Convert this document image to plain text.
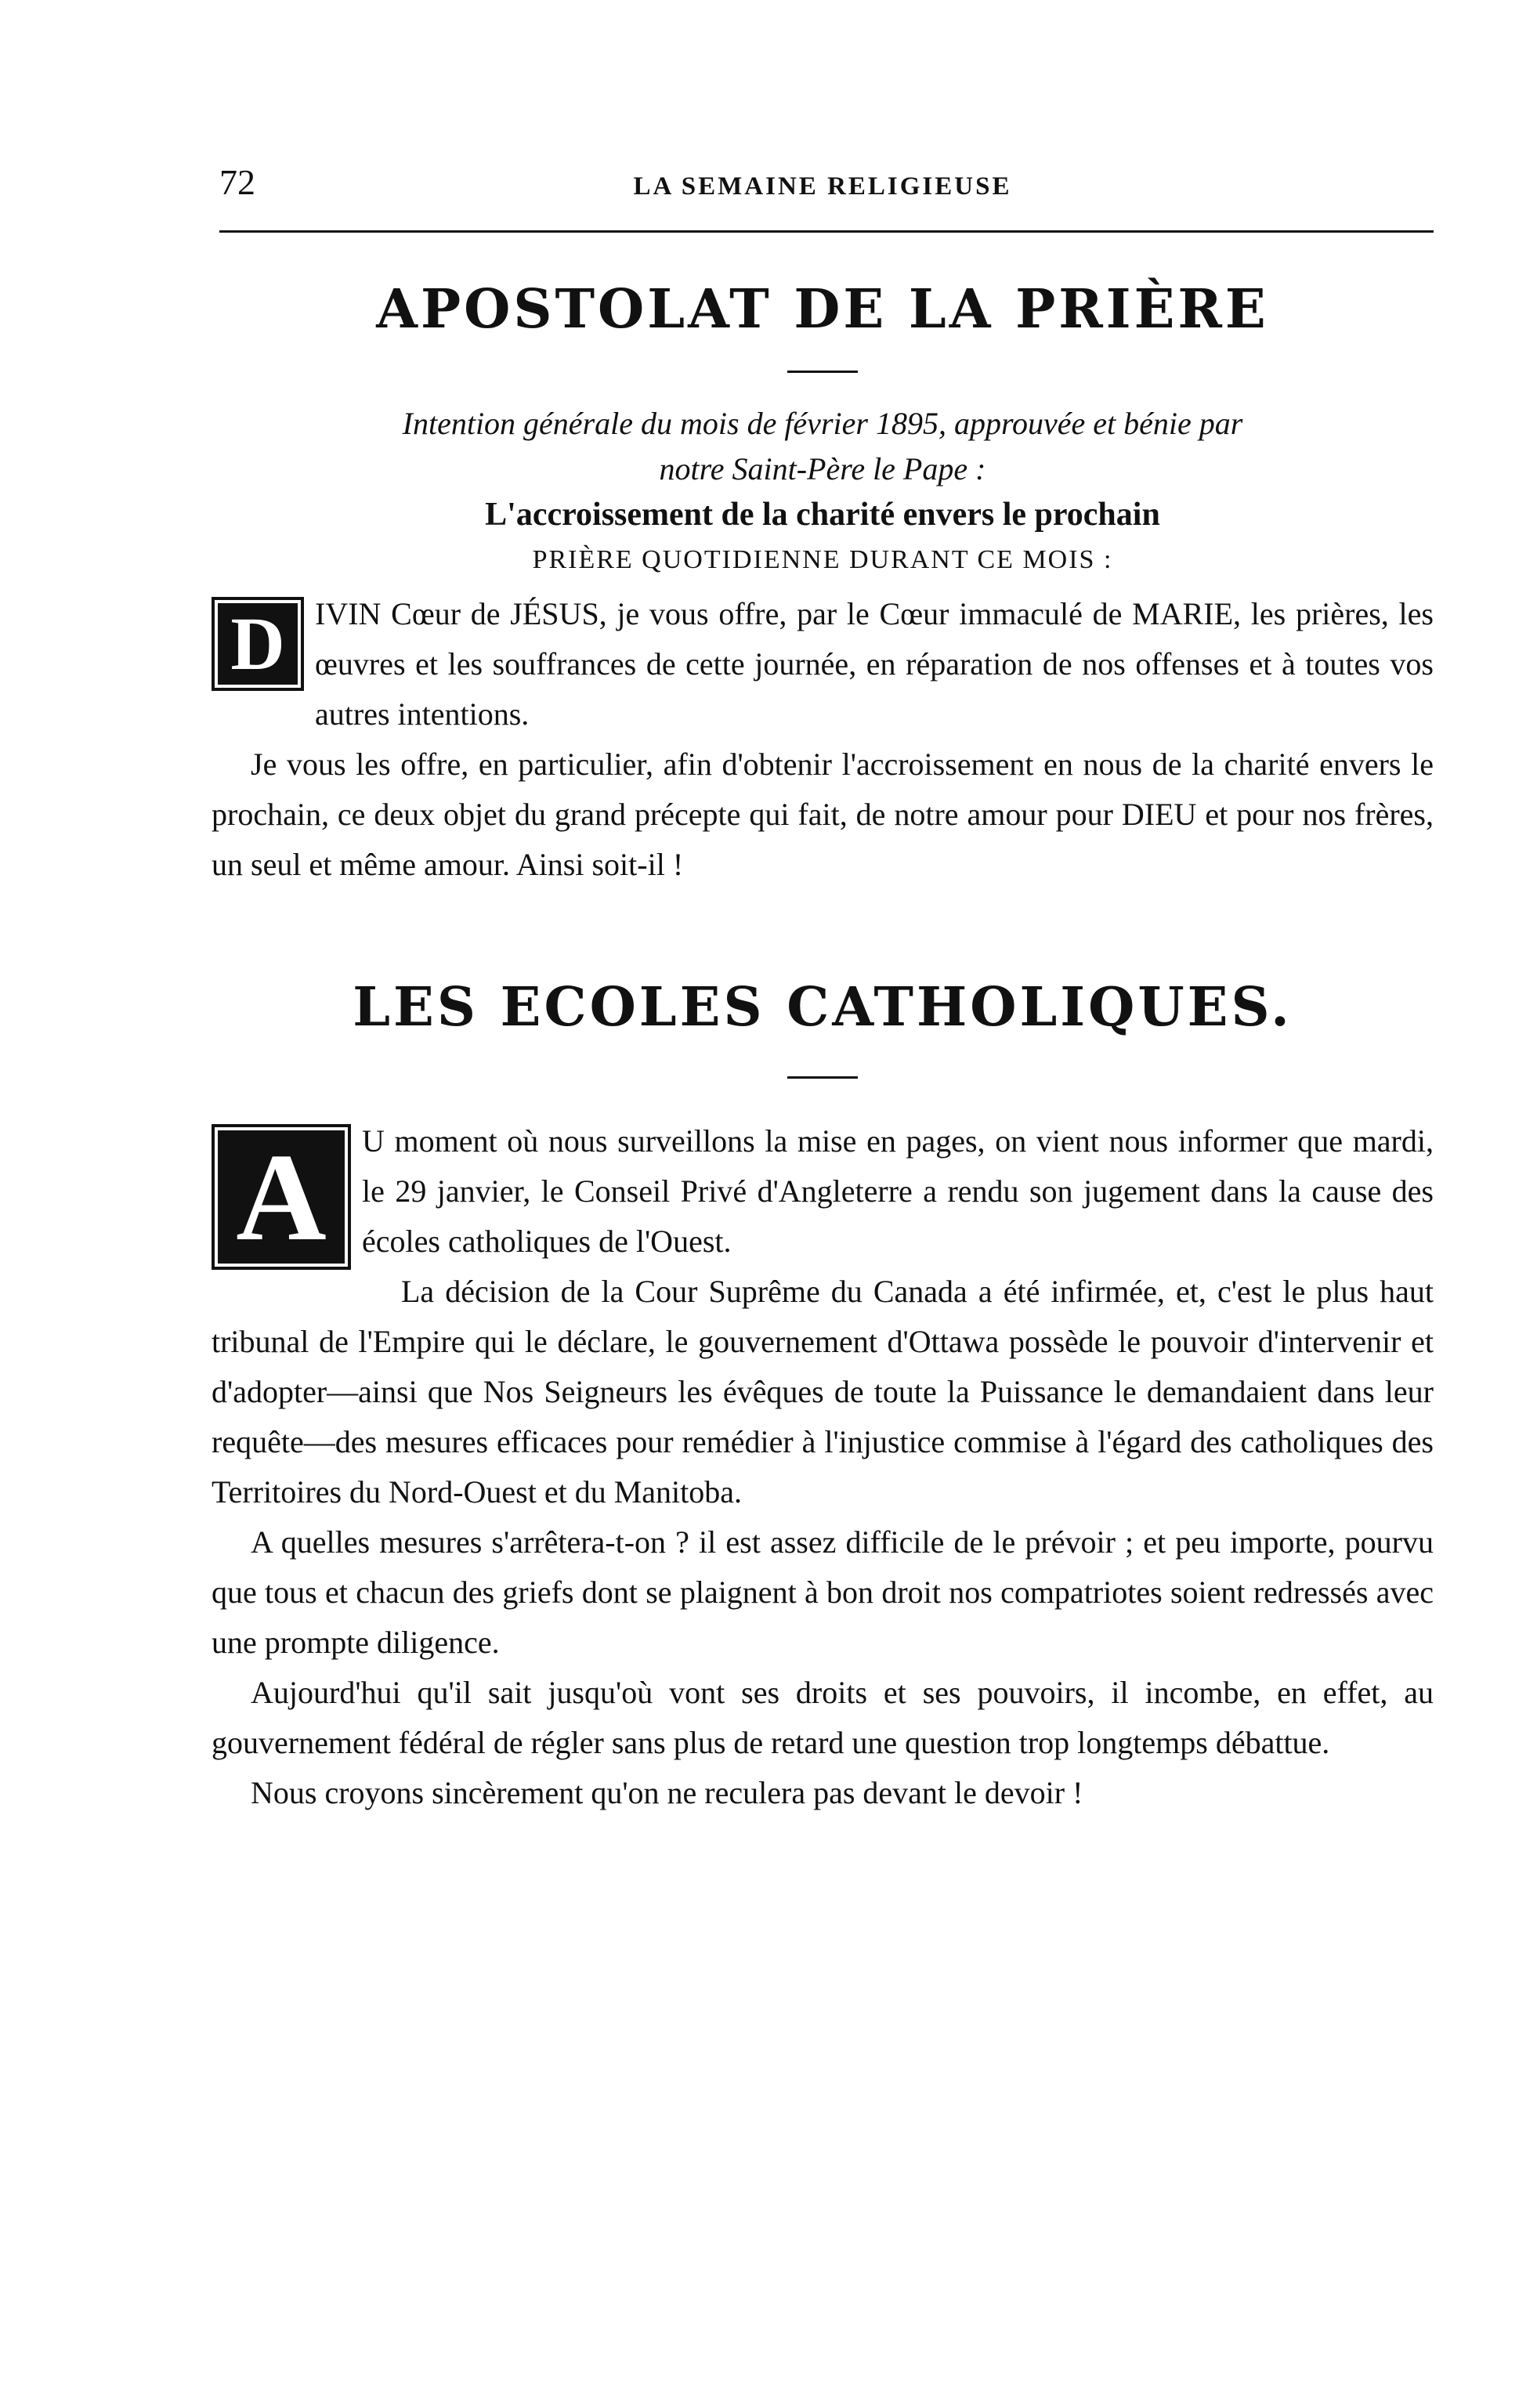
72	LA SEMAINE RELIGIEUSE
APOSTOLAT DE LA PRIÈRE
Intention générale du mois de février 1895, approuvée et bénie par
notre Saint-Père le Pape :
L'accroissement de la charité envers le prochain
PRIÈRE QUOTIDIENNE DURANT CE MOIS :

D IVIN Cœur de JÉSUS, je vous offre, par le Cœur immaculé de MARIE, les prières, les œuvres et les souffrances de cette journée, en réparation de nos offenses et à toutes vos autres intentions.

Je vous les offre, en particulier, afin d'obtenir l'accroissement en nous de la charité envers le prochain, ce deux objet du grand précepte qui fait, de notre amour pour DIEU et pour nos frères, un seul et même amour. Ainsi soit-il !

LES ECOLES CATHOLIQUES.

A	U moment où nous surveillons la mise en pages, on vient nous informer que mardi, le 29 janvier, le Conseil Privé d'Angleterre a rendu son jugement dans la cause des écoles catholiques de l'Ouest.

La décision de la Cour Suprême du Canada a été infirmée, et, c'est le plus haut tribunal de l'Empire qui le déclare, le gouvernement d'Ottawa possède le pouvoir d'intervenir et d'adopter—ainsi que Nos Seigneurs les évêques de toute la Puissance le demandaient dans leur requête—des mesures efficaces pour remédier à l'injustice commise à l'égard des catholiques des Territoires du Nord-Ouest et du Manitoba.

A quelles mesures s'arrêtera-t-on ? il est assez difficile de le prévoir ; et peu importe, pourvu que tous et chacun des griefs dont se plaignent à bon droit nos compatriotes soient redressés avec une prompte diligence.

Aujourd'hui qu'il sait jusqu'où vont ses droits et ses pouvoirs, il incombe, en effet, au gouvernement fédéral de régler sans plus de retard une question trop longtemps débattue.

Nous croyons sincèrement qu'on ne reculera pas devant le devoir !
